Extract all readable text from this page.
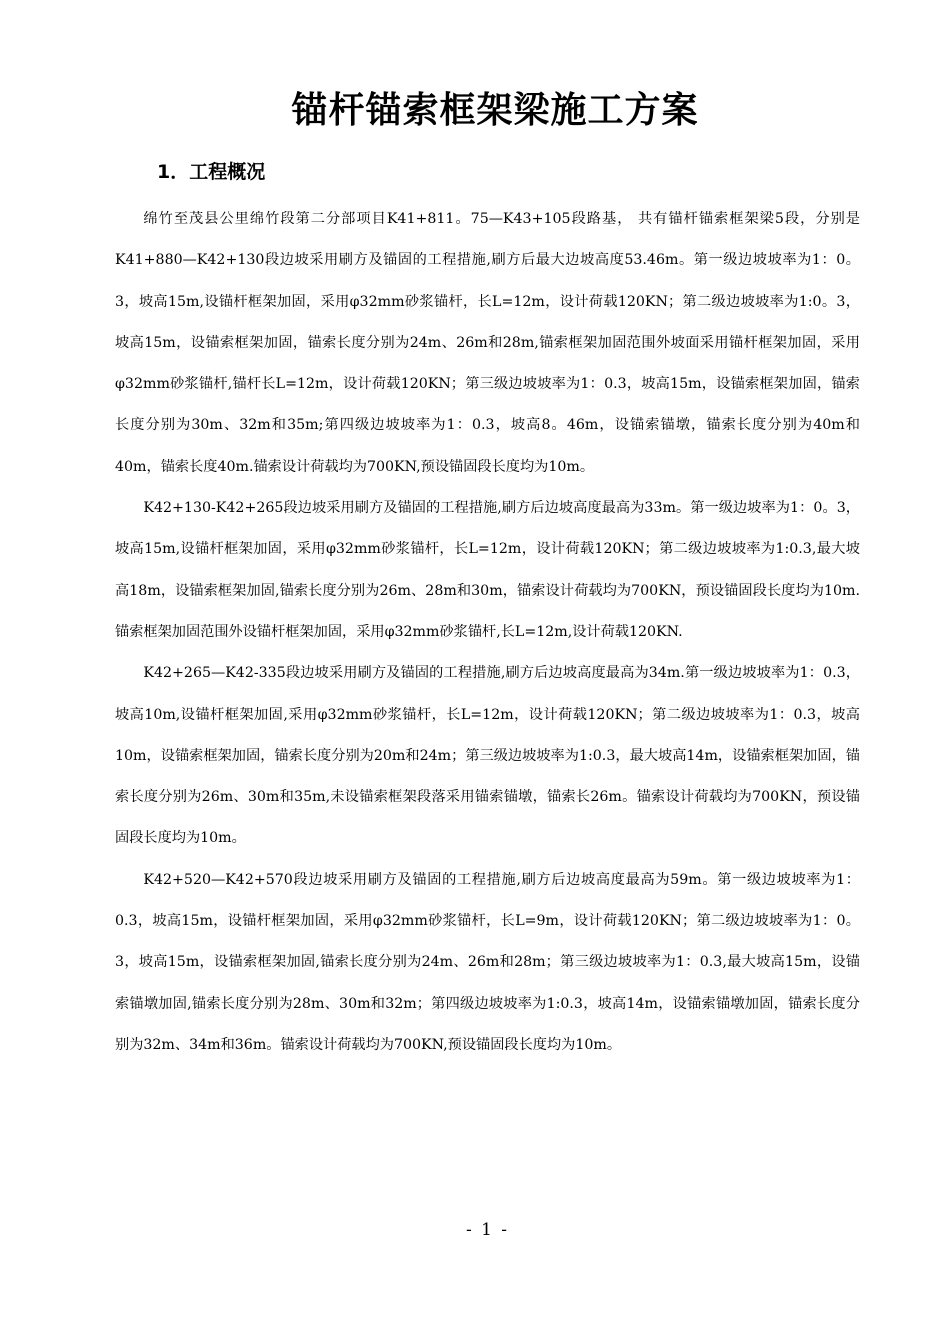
锚杆锚索框架梁施工方案
1．工程概况

绵竹至茂县公里绵竹段第二分部项目K41+811。75—K43+105段路基， 共有锚杆锚索框架梁5段，分别是K41+880—K42+130段边坡采用刷方及锚固的工程措施,刷方后最大边坡高度53.46m。第一级边坡坡率为1：0。3，坡高15m,设锚杆框架加固，采用φ32mm砂浆锚杆，长L=12m，设计荷载120KN；第二级边坡坡率为1:0。3，坡高15m，设锚索框架加固，锚索长度分别为24m、26m和28m,锚索框架加固范围外坡面采用锚杆框架加固，采用φ32mm砂浆锚杆,锚杆长L=12m，设计荷载120KN；第三级边坡坡率为1：0.3，坡高15m，设锚索框架加固，锚索长度分别为30m、32m和35m;第四级边坡坡率为1：0.3，坡高8。46m，设锚索锚墩，锚索长度分别为40m和40m，锚索长度40m.锚索设计荷载均为700KN,预设锚固段长度均为10m。

K42+130-K42+265段边坡采用刷方及锚固的工程措施,刷方后边坡高度最高为33m。第一级边坡率为1：0。3，坡高15m,设锚杆框架加固，采用φ32mm砂浆锚杆，长L=12m，设计荷载120KN；第二级边坡坡率为1:0.3,最大坡高18m，设锚索框架加固,锚索长度分别为26m、28m和30m，锚索设计荷载均为700KN，预设锚固段长度均为10m.锚索框架加固范围外设锚杆框架加固，采用φ32mm砂浆锚杆,长L=12m,设计荷载120KN.

K42+265—K42-335段边坡采用刷方及锚固的工程措施,刷方后边坡高度最高为34m.第一级边坡坡率为1：0.3，坡高10m,设锚杆框架加固,采用φ32mm砂浆锚杆，长L=12m，设计荷载120KN；第二级边坡坡率为1：0.3，坡高10m，设锚索框架加固，锚索长度分别为20m和24m；第三级边坡坡率为1:0.3，最大坡高14m，设锚索框架加固，锚索长度分别为26m、30m和35m,未设锚索框架段落采用锚索锚墩，锚索长26m。锚索设计荷载均为700KN，预设锚固段长度均为10m。

K42+520—K42+570段边坡采用刷方及锚固的工程措施,刷方后边坡高度最高为59m。第一级边坡坡率为1：0.3，坡高15m，设锚杆框架加固，采用φ32mm砂浆锚杆，长L=9m，设计荷载120KN；第二级边坡坡率为1：0。3，坡高15m，设锚索框架加固,锚索长度分别为24m、26m和28m；第三级边坡坡率为1：0.3,最大坡高15m，设锚索锚墩加固,锚索长度分别为28m、30m和32m；第四级边坡坡率为1:0.3，坡高14m，设锚索锚墩加固，锚索长度分别为32m、34m和36m。锚索设计荷载均为700KN,预设锚固段长度均为10m。

- 1 -
